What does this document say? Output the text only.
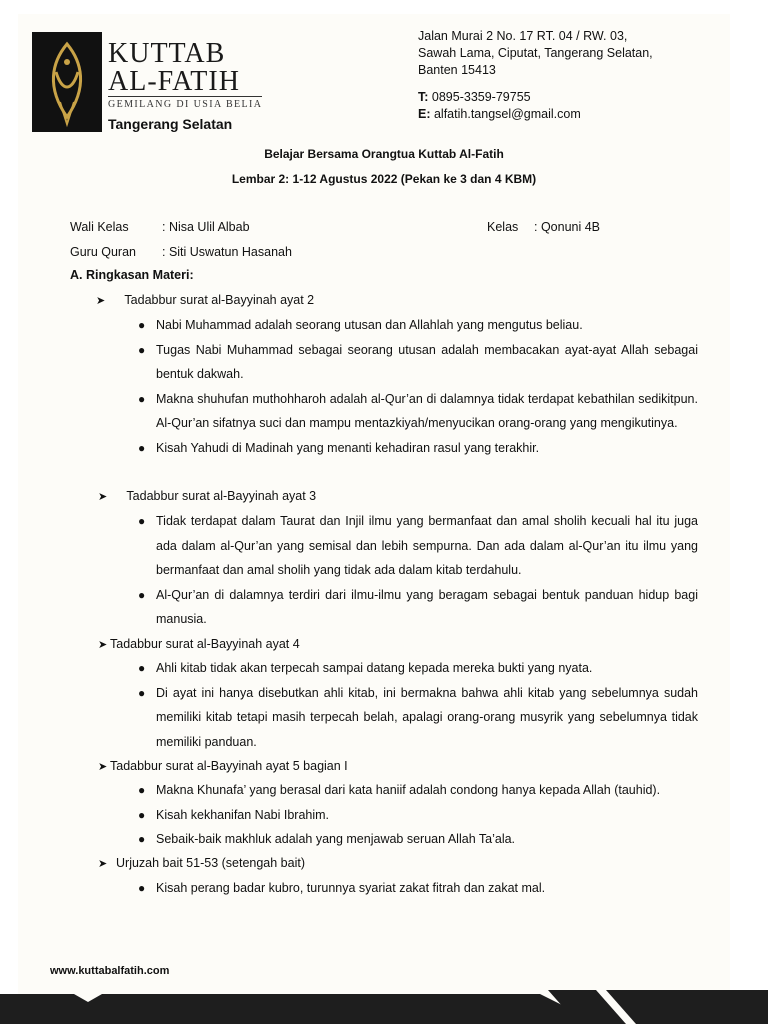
KUTTAB
AL-FATIH
GEMILANG DI USIA BELIA
Tangerang Selatan
Jalan Murai 2 No. 17 RT. 04 / RW. 03,
Sawah Lama, Ciputat, Tangerang Selatan,
Banten 15413
T: 0895-3359-79755
E: alfatih.tangsel@gmail.com
Belajar Bersama Orangtua Kuttab Al-Fatih
Lembar 2: 1-12 Agustus 2022 (Pekan ke 3 dan 4 KBM)
Wali Kelas	: Nisa Ulil Albab
Guru Quran : Siti Uswatun Hasanah
Kelas : Qonuni 4B
A. Ringkasan Materi:
➤ Tadabbur surat al-Bayyinah ayat 2
● Nabi Muhammad adalah seorang utusan dan Allahlah yang mengutus beliau.
● Tugas Nabi Muhammad sebagai seorang utusan adalah membacakan ayat-ayat Allah sebagai bentuk dakwah.
● Makna shuhufan muthohharoh adalah al-Qur’an di dalamnya tidak terdapat kebathilan sedikitpun. Al-Qur’an sifatnya suci dan mampu mentazkiyah/menyucikan orang-orang yang mengikutinya.
● Kisah Yahudi di Madinah yang menanti kehadiran rasul yang terakhir.
➤ Tadabbur surat al-Bayyinah ayat 3
● Tidak terdapat dalam Taurat dan Injil ilmu yang bermanfaat dan amal sholih kecuali hal itu juga ada dalam al-Qur’an yang semisal dan lebih sempurna. Dan ada dalam al-Qur’an itu ilmu yang bermanfaat dan amal sholih yang tidak ada dalam kitab terdahulu.
● Al-Qur’an di dalamnya terdiri dari ilmu-ilmu yang beragam sebagai bentuk panduan hidup bagi manusia.
➤ Tadabbur surat al-Bayyinah ayat 4
● Ahli kitab tidak akan terpecah sampai datang kepada mereka bukti yang nyata.
● Di ayat ini hanya disebutkan ahli kitab, ini bermakna bahwa ahli kitab yang sebelumnya sudah memiliki kitab tetapi masih terpecah belah, apalagi orang-orang musyrik yang sebelumnya tidak memiliki panduan.
➤ Tadabbur surat al-Bayyinah ayat 5 bagian I
● Makna Khunafa’ yang berasal dari kata haniif adalah condong hanya kepada Allah (tauhid).
● Kisah kekhanifan Nabi Ibrahim.
● Sebaik-baik makhluk adalah yang menjawab seruan Allah Ta’ala.
➤ Urjuzah bait 51-53 (setengah bait)
● Kisah perang badar kubro, turunnya syariat zakat fitrah dan zakat mal.
www.kuttabalfatih.com
